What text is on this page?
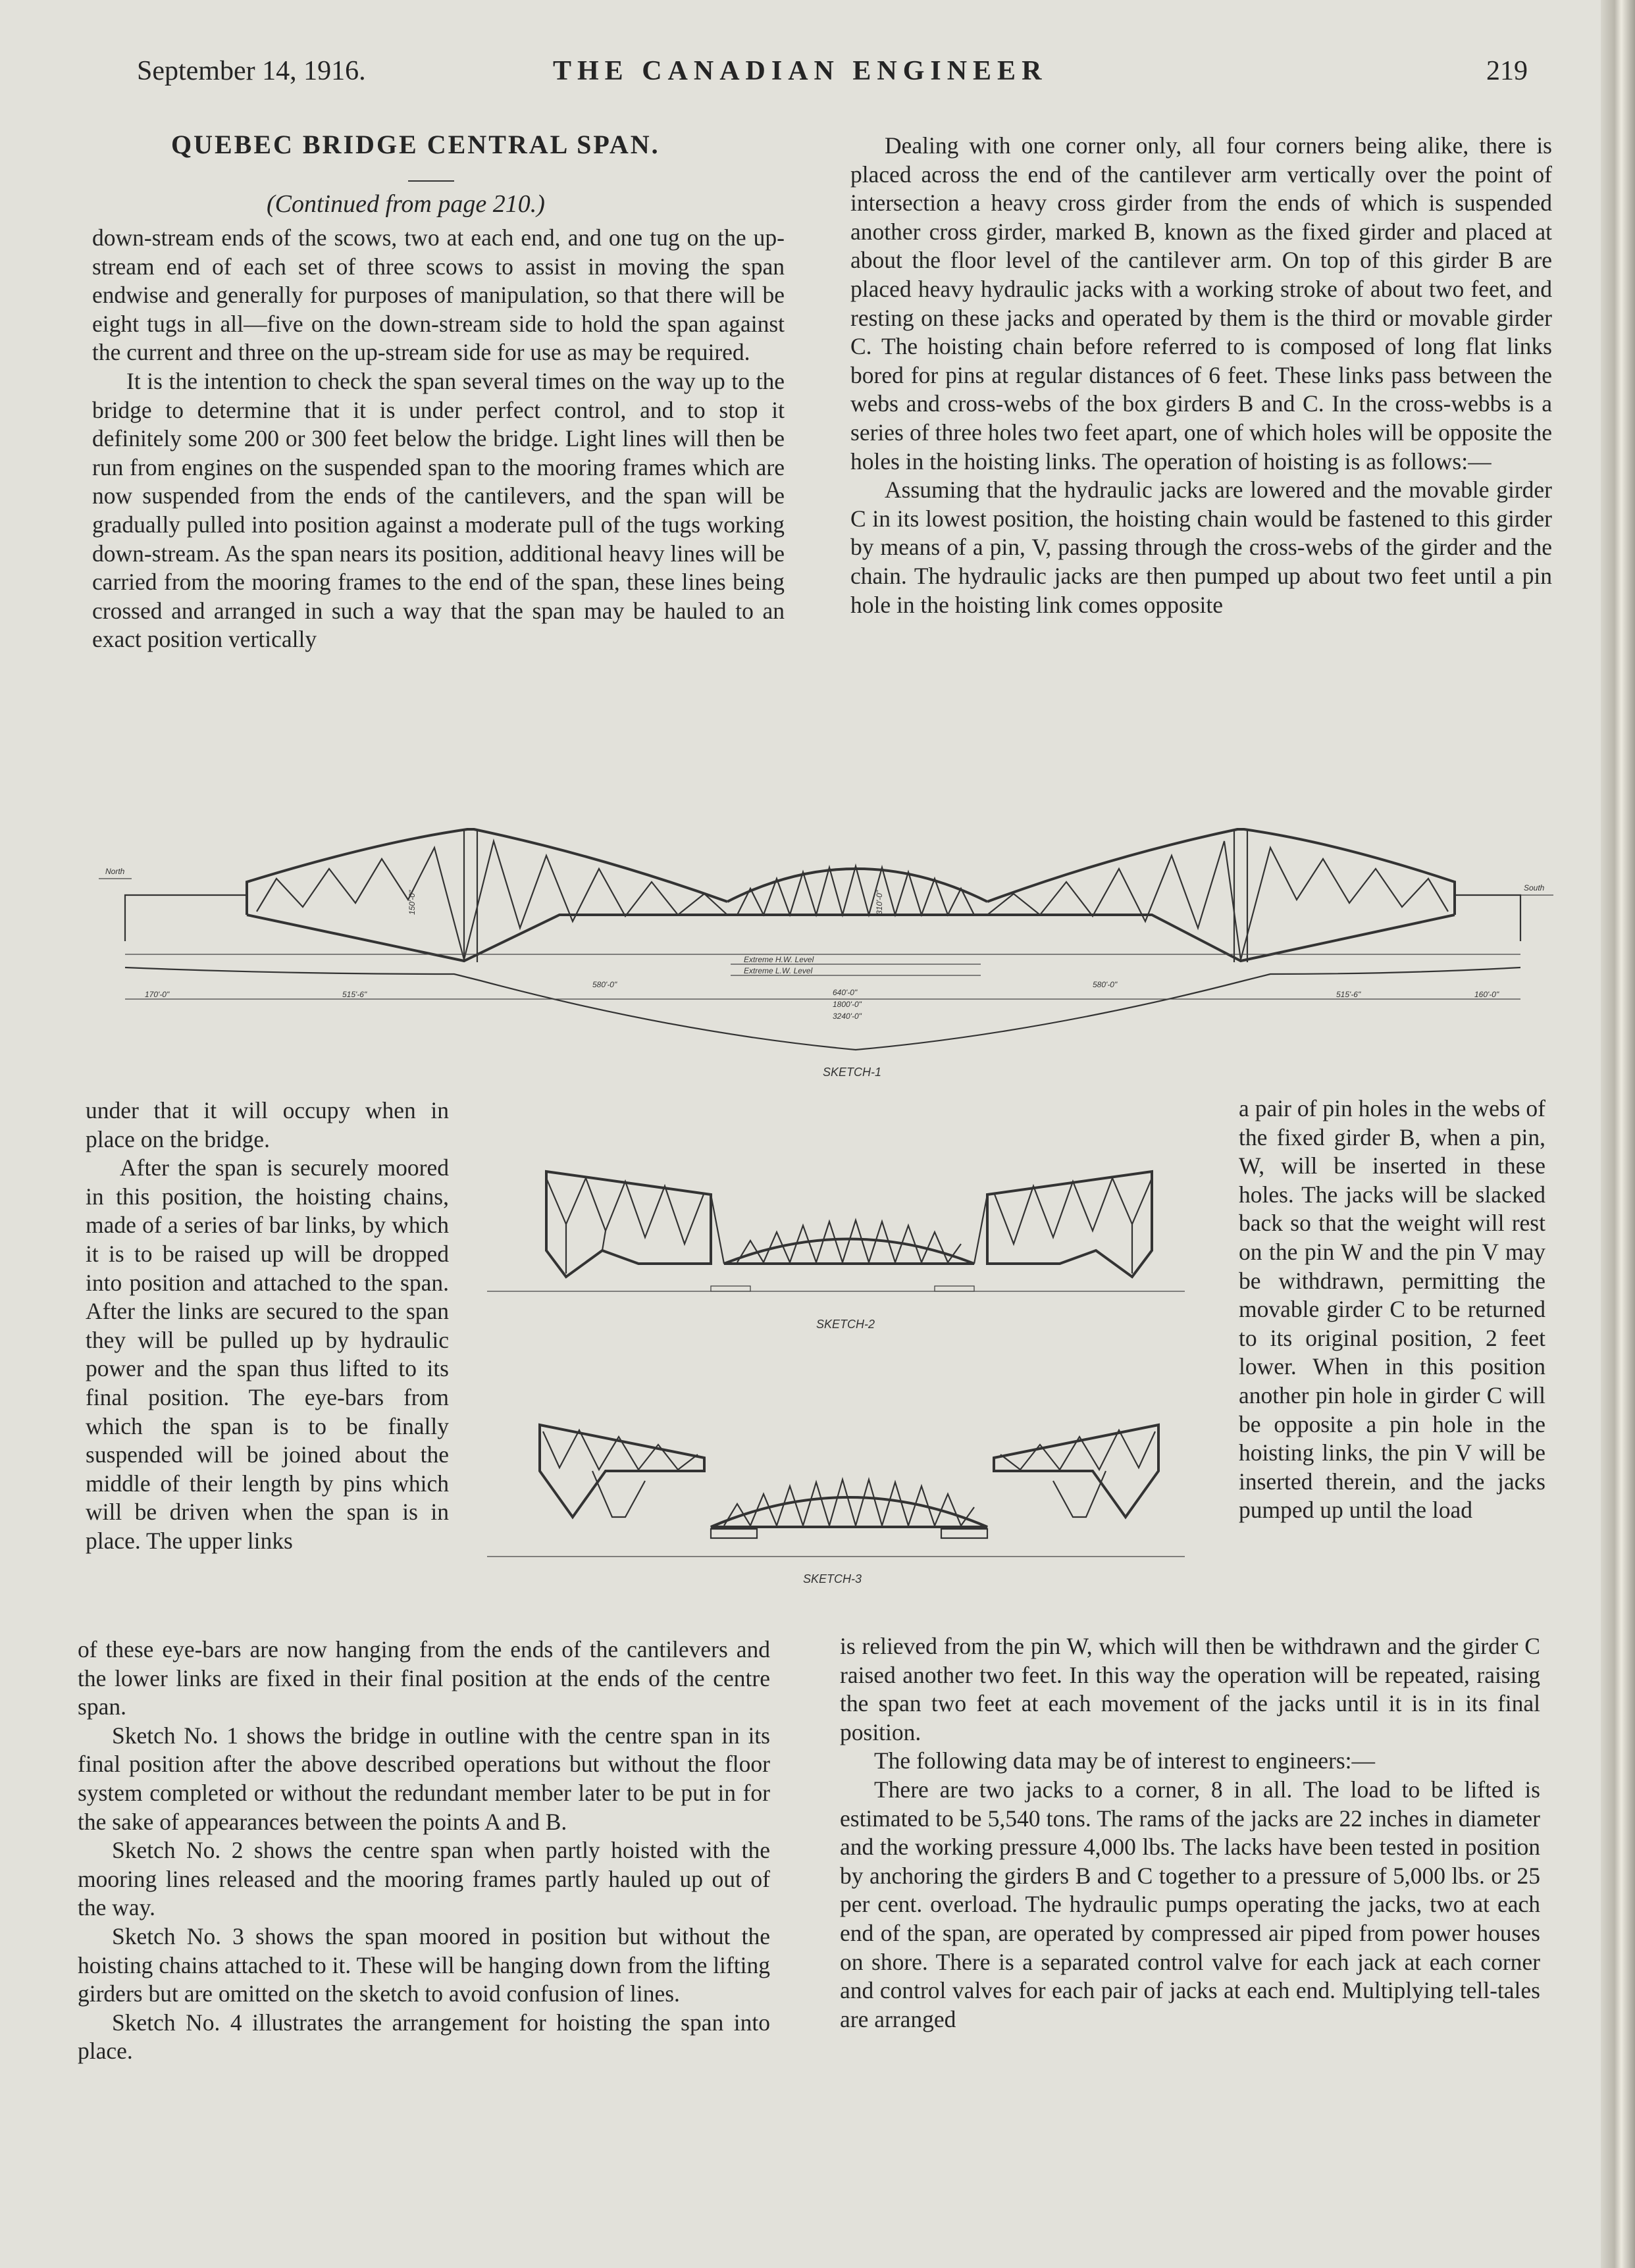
September 14, 1916.	THE CANADIAN ENGINEER	219
QUEBEC BRIDGE CENTRAL SPAN.
(Continued from page 210.)

down-stream ends of the scows, two at each end, and one tug on the up-stream end of each set of three scows to assist in moving the span endwise and generally for purposes of manipulation, so that there will be eight tugs in all—five on the down-stream side to hold the span against the current and three on the up-stream side for use as may be required.

It is the intention to check the span several times on the way up to the bridge to determine that it is under perfect control, and to stop it definitely some 200 or 300 feet below the bridge. Light lines will then be run from engines on the suspended span to the mooring frames which are now suspended from the ends of the cantilevers, and the span will be gradually pulled into position against a moderate pull of the tugs working down-stream. As the span nears its position, additional heavy lines will be carried from the mooring frames to the end of the span, these lines being crossed and arranged in such a way that the span may be hauled to an exact position vertically

Dealing with one corner only, all four corners being alike, there is placed across the end of the cantilever arm vertically over the point of intersection a heavy cross girder from the ends of which is suspended another cross girder, marked B, known as the fixed girder and placed at about the floor level of the cantilever arm. On top of this girder B are placed heavy hydraulic jacks with a working stroke of about two feet, and resting on these jacks and operated by them is the third or movable girder C. The hoisting chain before referred to is composed of long flat links bored for pins at regular distances of 6 feet. These links pass between the webs and cross-webs of the box girders B and C. In the cross-webbs is a series of three holes two feet apart, one of which holes will be opposite the holes in the hoisting links. The operation of hoisting is as follows:—

Assuming that the hydraulic jacks are lowered and the movable girder C in its lowest position, the hoisting chain would be fastened to this girder by means of a pin, V, passing through the cross-webs of the girder and the chain. The hydraulic jacks are then pumped up about two feet until a pin hole in the hoisting link comes opposite

North
South
310'-0"
150'-0"
Extreme H.W. Level
Extreme L.W. Level
170'-0"	515'-6"
580'-0"
640'-0"
1800'-0"
3240'-0"
580'-0"
515'-6"	160'-0"
SKETCH-1

under that it will occupy when in place on the bridge.

After the span is securely moored in this position, the hoisting chains, made of a series of bar links, by which it is to be raised up will be dropped into position and attached to the span. After the links are secured to the span they will be pulled up by hydraulic power and the span thus lifted to its final position. The eye-bars from which the span is to be finally suspended will be joined about the middle of their length by pins which will be driven when the span is in place. The upper links

SKETCH-2
SKETCH-3

a pair of pin holes in the webs of the fixed girder B, when a pin, W, will be inserted in these holes. The jacks will be slacked back so that the weight will rest on the pin W and the pin V may be withdrawn, permitting the movable girder C to be returned to its original position, 2 feet lower. When in this position another pin hole in girder C will be opposite a pin hole in the hoisting links, the pin V will be inserted therein, and the jacks pumped up until the load

of these eye-bars are now hanging from the ends of the cantilevers and the lower links are fixed in their final position at the ends of the centre span.

Sketch No. 1 shows the bridge in outline with the centre span in its final position after the above described operations but without the floor system completed or without the redundant member later to be put in for the sake of appearances between the points A and B.

Sketch No. 2 shows the centre span when partly hoisted with the mooring lines released and the mooring frames partly hauled up out of the way.

Sketch No. 3 shows the span moored in position but without the hoisting chains attached to it. These will be hanging down from the lifting girders but are omitted on the sketch to avoid confusion of lines.

Sketch No. 4 illustrates the arrangement for hoisting the span into place.

is relieved from the pin W, which will then be withdrawn and the girder C raised another two feet. In this way the operation will be repeated, raising the span two feet at each movement of the jacks until it is in its final position.

The following data may be of interest to engineers:—

There are two jacks to a corner, 8 in all. The load to be lifted is estimated to be 5,540 tons. The rams of the jacks are 22 inches in diameter and the working pressure 4,000 lbs. The lacks have been tested in position by anchoring the girders B and C together to a pressure of 5,000 lbs. or 25 per cent. overload. The hydraulic pumps operating the jacks, two at each end of the span, are operated by compressed air piped from power houses on shore. There is a separated control valve for each jack at each corner and control valves for each pair of jacks at each end. Multiplying tell-tales are arranged
